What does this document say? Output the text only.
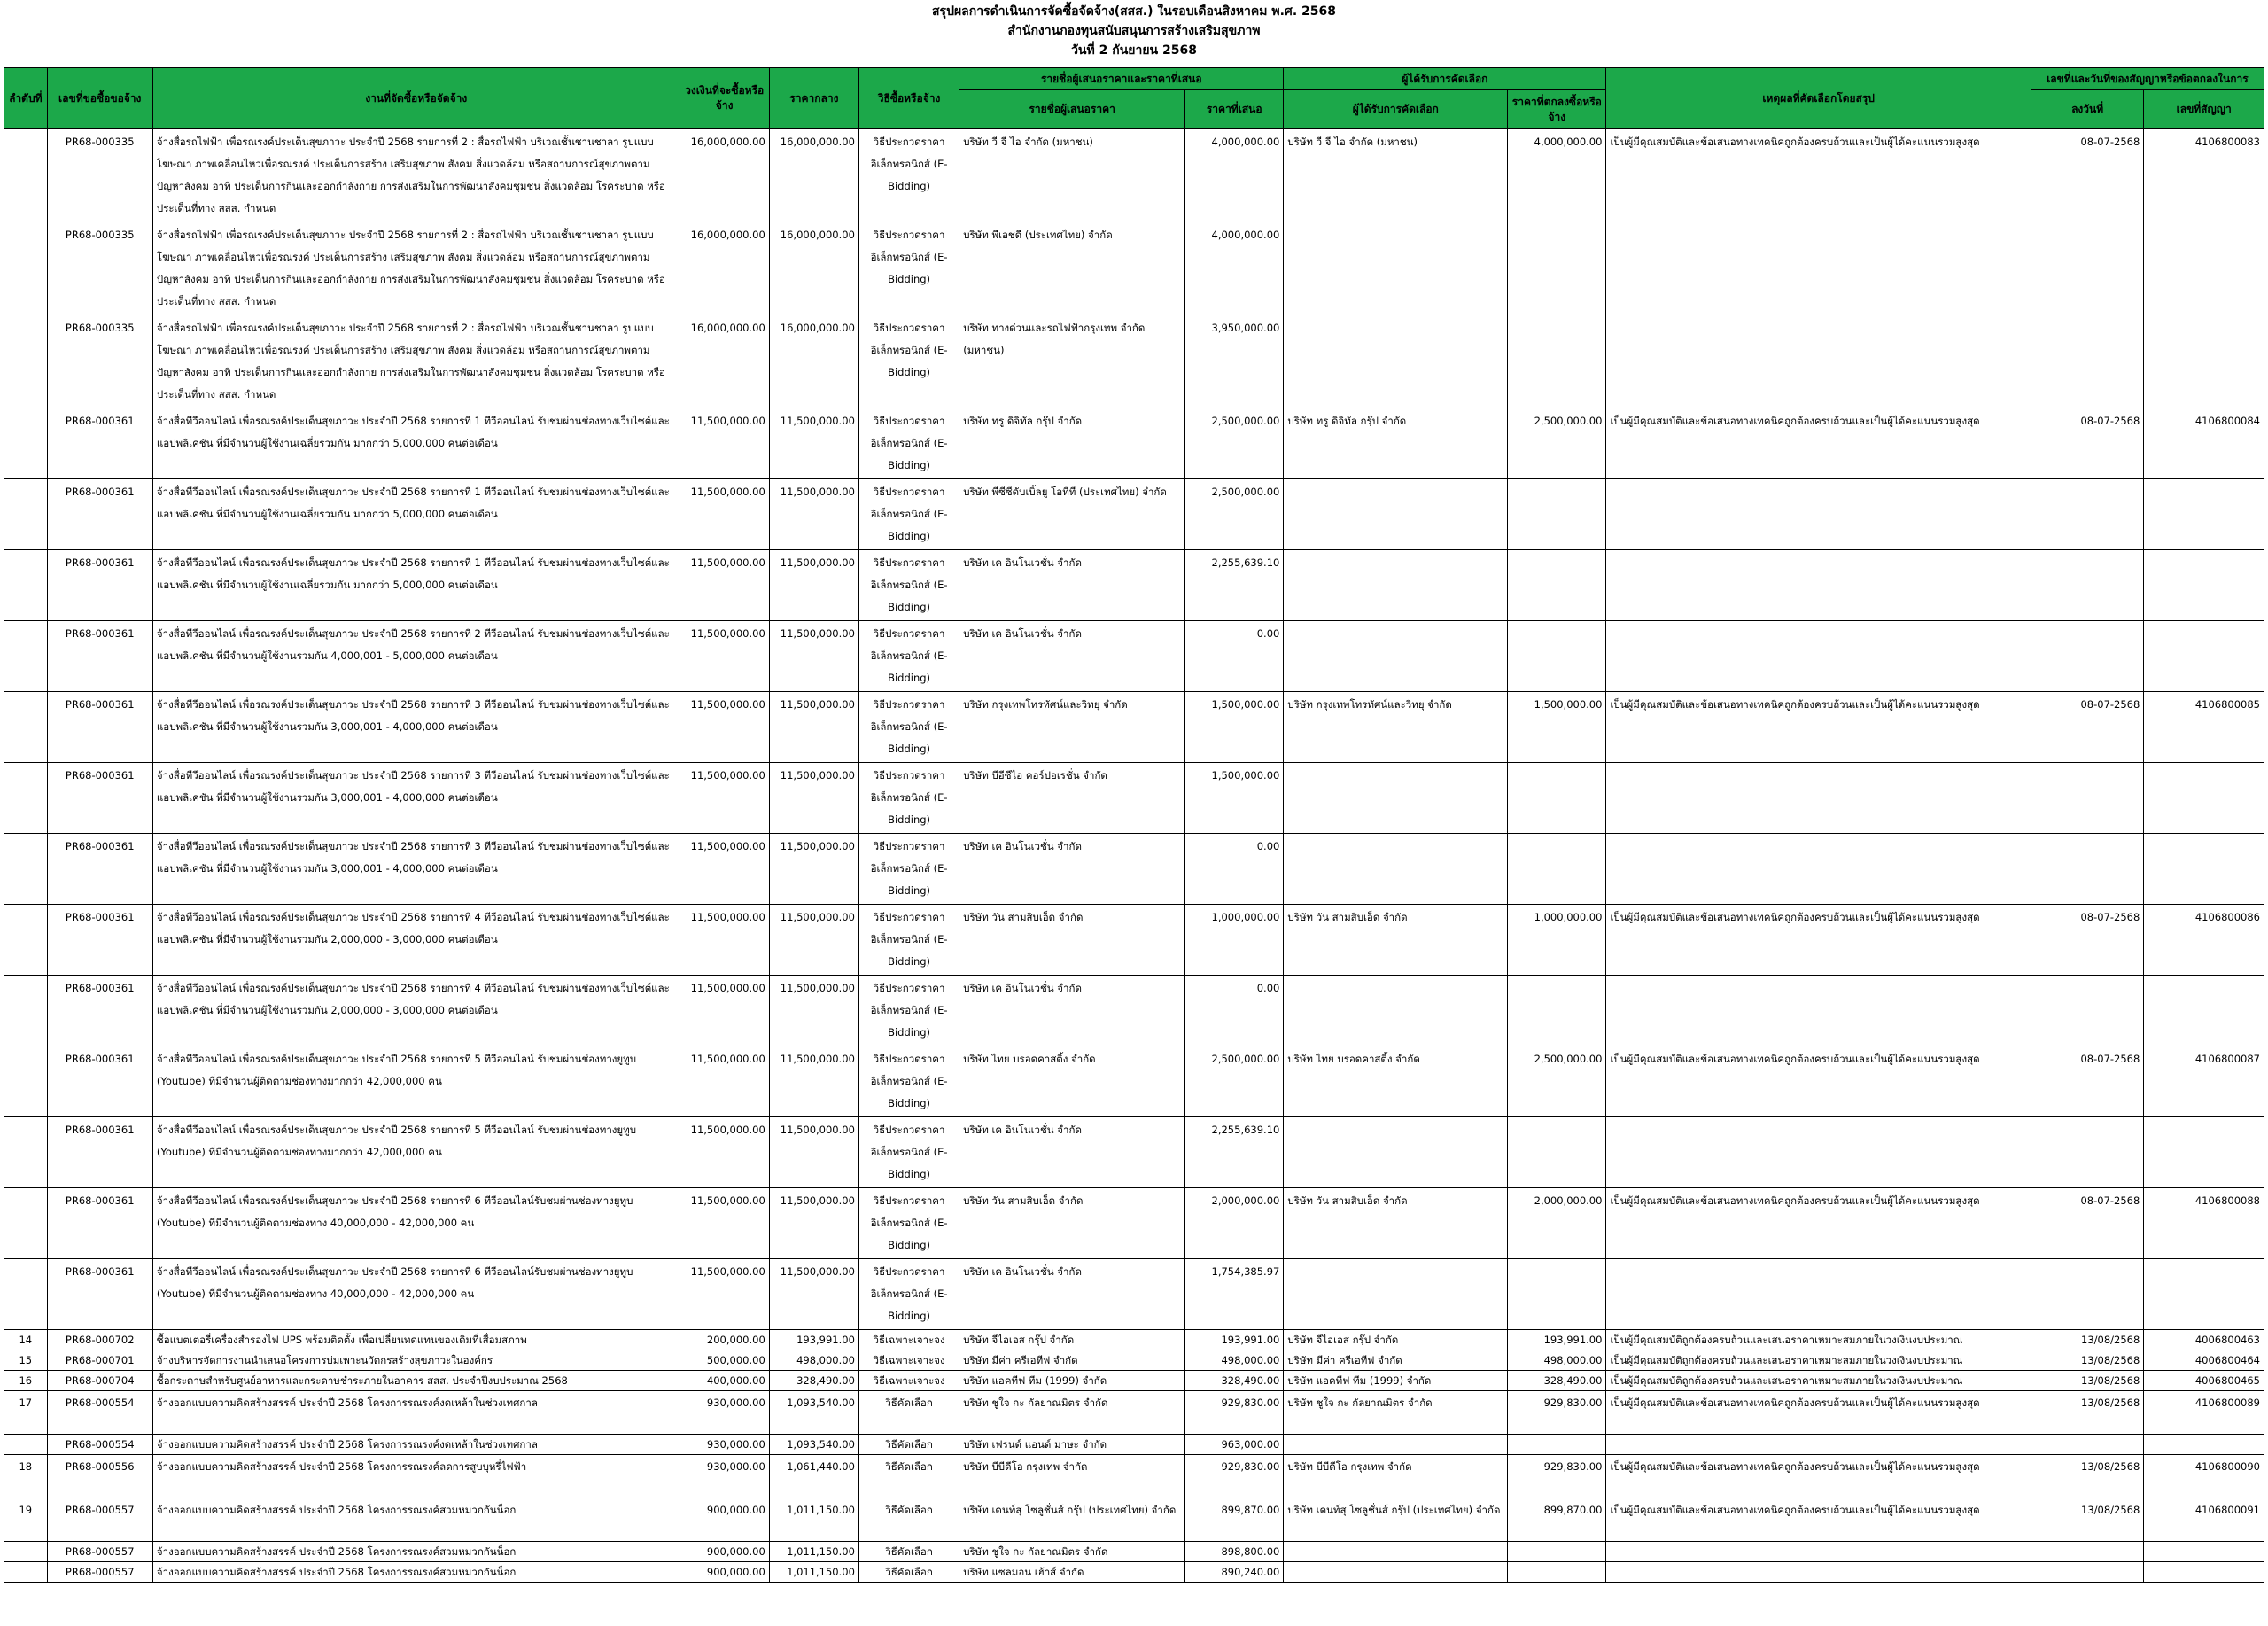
สรุปผลการดำเนินการจัดซื้อจัดจ้าง(สสส.) ในรอบเดือนสิงหาคม พ.ศ. 2568
สำนักงานกองทุนสนับสนุนการสร้างเสริมสุขภาพ
วันที่ 2 กันยายน 2568
ลำดับที่	เลขที่ขอซื้อขอจ้าง	งานที่จัดซื้อหรือจัดจ้าง	วงเงินที่จะซื้อหรือจ้าง	ราคากลาง	วิธีซื้อหรือจ้าง	รายชื่อผู้เสนอราคาและราคาที่เสนอ		ผู้ได้รับการคัดเลือก		เหตุผลที่คัดเลือกโดยสรุป	เลขที่และวันที่ของสัญญาหรือข้อตกลงในการ	
						รายชื่อผู้เสนอราคา	ราคาที่เสนอ	ผู้ได้รับการคัดเลือก	ราคาที่ตกลงซื้อหรือจ้าง		ลงวันที่	เลขที่สัญญา
	PR68-000335	จ้างสื่อรถไฟฟ้า เพื่อรณรงค์ประเด็นสุขภาวะ ประจำปี 2568 รายการที่ 2 : สื่อรถไฟฟ้า บริเวณชั้นชานชาลา รูปแบบโฆษณา ภาพเคลื่อนไหวเพื่อรณรงค์ ประเด็นการสร้าง เสริมสุขภาพ สังคม สิ่งแวดล้อม หรือสถานการณ์สุขภาพตามปัญหาสังคม อาทิ ประเด็นการกินและออกกำลังกาย การส่งเสริมในการพัฒนาสังคมชุมชน สิ่งแวดล้อม โรคระบาด หรือประเด็นที่ทาง สสส. กำหนด	16,000,000.00	16,000,000.00	วิธีประกวดราคาอิเล็กทรอนิกส์ (E-Bidding)	บริษัท วี จี ไอ จำกัด (มหาชน)	4,000,000.00	บริษัท วี จี ไอ จำกัด (มหาชน)	4,000,000.00	เป็นผู้มีคุณสมบัติและข้อเสนอทางเทคนิคถูกต้องครบถ้วนและเป็นผู้ได้คะแนนรวมสูงสุด	08-07-2568	4106800083
	PR68-000335	จ้างสื่อรถไฟฟ้า เพื่อรณรงค์ประเด็นสุขภาวะ ประจำปี 2568 รายการที่ 2 : สื่อรถไฟฟ้า บริเวณชั้นชานชาลา รูปแบบโฆษณา ภาพเคลื่อนไหวเพื่อรณรงค์ ประเด็นการสร้าง เสริมสุขภาพ สังคม สิ่งแวดล้อม หรือสถานการณ์สุขภาพตามปัญหาสังคม อาทิ ประเด็นการกินและออกกำลังกาย การส่งเสริมในการพัฒนาสังคมชุมชน สิ่งแวดล้อม โรคระบาด หรือประเด็นที่ทาง สสส. กำหนด	16,000,000.00	16,000,000.00	วิธีประกวดราคาอิเล็กทรอนิกส์ (E-Bidding)	บริษัท พีเอชดี (ประเทศไทย) จำกัด	4,000,000.00					
	PR68-000335	จ้างสื่อรถไฟฟ้า เพื่อรณรงค์ประเด็นสุขภาวะ ประจำปี 2568 รายการที่ 2 : สื่อรถไฟฟ้า บริเวณชั้นชานชาลา รูปแบบโฆษณา ภาพเคลื่อนไหวเพื่อรณรงค์ ประเด็นการสร้าง เสริมสุขภาพ สังคม สิ่งแวดล้อม หรือสถานการณ์สุขภาพตามปัญหาสังคม อาทิ ประเด็นการกินและออกกำลังกาย การส่งเสริมในการพัฒนาสังคมชุมชน สิ่งแวดล้อม โรคระบาด หรือประเด็นที่ทาง สสส. กำหนด	16,000,000.00	16,000,000.00	วิธีประกวดราคาอิเล็กทรอนิกส์ (E-Bidding)	บริษัท ทางด่วนและรถไฟฟ้ากรุงเทพ จำกัด (มหาชน)	3,950,000.00					
	PR68-000361	จ้างสื่อทีวีออนไลน์ เพื่อรณรงค์ประเด็นสุขภาวะ ประจำปี 2568 รายการที่ 1 ทีวีออนไลน์ รับชมผ่านช่องทางเว็บไซต์และแอปพลิเคชัน ที่มีจำนวนผู้ใช้งานเฉลี่ยรวมกัน มากกว่า 5,000,000 คนต่อเดือน	11,500,000.00	11,500,000.00	วิธีประกวดราคาอิเล็กทรอนิกส์ (E-Bidding)	บริษัท ทรู ดิจิทัล กรุ๊ป จำกัด	2,500,000.00	บริษัท ทรู ดิจิทัล กรุ๊ป จำกัด	2,500,000.00	เป็นผู้มีคุณสมบัติและข้อเสนอทางเทคนิคถูกต้องครบถ้วนและเป็นผู้ได้คะแนนรวมสูงสุด	08-07-2568	4106800084
	PR68-000361	จ้างสื่อทีวีออนไลน์ เพื่อรณรงค์ประเด็นสุขภาวะ ประจำปี 2568 รายการที่ 1 ทีวีออนไลน์ รับชมผ่านช่องทางเว็บไซต์และแอปพลิเคชัน ที่มีจำนวนผู้ใช้งานเฉลี่ยรวมกัน มากกว่า 5,000,000 คนต่อเดือน	11,500,000.00	11,500,000.00	วิธีประกวดราคาอิเล็กทรอนิกส์ (E-Bidding)	บริษัท พีซีซีดับเบิ้ลยู โอทีที (ประเทศไทย) จำกัด	2,500,000.00					
	PR68-000361	จ้างสื่อทีวีออนไลน์ เพื่อรณรงค์ประเด็นสุขภาวะ ประจำปี 2568 รายการที่ 1 ทีวีออนไลน์ รับชมผ่านช่องทางเว็บไซต์และแอปพลิเคชัน ที่มีจำนวนผู้ใช้งานเฉลี่ยรวมกัน มากกว่า 5,000,000 คนต่อเดือน	11,500,000.00	11,500,000.00	วิธีประกวดราคาอิเล็กทรอนิกส์ (E-Bidding)	บริษัท เค อินโนเวชั่น จำกัด	2,255,639.10					
	PR68-000361	จ้างสื่อทีวีออนไลน์ เพื่อรณรงค์ประเด็นสุขภาวะ ประจำปี 2568 รายการที่ 2 ทีวีออนไลน์ รับชมผ่านช่องทางเว็บไซต์และแอปพลิเคชัน ที่มีจำนวนผู้ใช้งานรวมกัน 4,000,001 - 5,000,000 คนต่อเดือน	11,500,000.00	11,500,000.00	วิธีประกวดราคาอิเล็กทรอนิกส์ (E-Bidding)	บริษัท เค อินโนเวชั่น จำกัด	0.00					
	PR68-000361	จ้างสื่อทีวีออนไลน์ เพื่อรณรงค์ประเด็นสุขภาวะ ประจำปี 2568 รายการที่ 3 ทีวีออนไลน์ รับชมผ่านช่องทางเว็บไซต์และแอปพลิเคชัน ที่มีจำนวนผู้ใช้งานรวมกัน 3,000,001 - 4,000,000 คนต่อเดือน	11,500,000.00	11,500,000.00	วิธีประกวดราคาอิเล็กทรอนิกส์ (E-Bidding)	บริษัท กรุงเทพโทรทัศน์และวิทยุ จำกัด	1,500,000.00	บริษัท กรุงเทพโทรทัศน์และวิทยุ จำกัด	1,500,000.00	เป็นผู้มีคุณสมบัติและข้อเสนอทางเทคนิคถูกต้องครบถ้วนและเป็นผู้ได้คะแนนรวมสูงสุด	08-07-2568	4106800085
	PR68-000361	จ้างสื่อทีวีออนไลน์ เพื่อรณรงค์ประเด็นสุขภาวะ ประจำปี 2568 รายการที่ 3 ทีวีออนไลน์ รับชมผ่านช่องทางเว็บไซต์และแอปพลิเคชัน ที่มีจำนวนผู้ใช้งานรวมกัน 3,000,001 - 4,000,000 คนต่อเดือน	11,500,000.00	11,500,000.00	วิธีประกวดราคาอิเล็กทรอนิกส์ (E-Bidding)	บริษัท บีอีซีไอ คอร์ปอเรชั่น จำกัด	1,500,000.00					
	PR68-000361	จ้างสื่อทีวีออนไลน์ เพื่อรณรงค์ประเด็นสุขภาวะ ประจำปี 2568 รายการที่ 3 ทีวีออนไลน์ รับชมผ่านช่องทางเว็บไซต์และแอปพลิเคชัน ที่มีจำนวนผู้ใช้งานรวมกัน 3,000,001 - 4,000,000 คนต่อเดือน	11,500,000.00	11,500,000.00	วิธีประกวดราคาอิเล็กทรอนิกส์ (E-Bidding)	บริษัท เค อินโนเวชั่น จำกัด	0.00					
	PR68-000361	จ้างสื่อทีวีออนไลน์ เพื่อรณรงค์ประเด็นสุขภาวะ ประจำปี 2568 รายการที่ 4 ทีวีออนไลน์ รับชมผ่านช่องทางเว็บไซต์และแอปพลิเคชัน ที่มีจำนวนผู้ใช้งานรวมกัน 2,000,000 - 3,000,000 คนต่อเดือน	11,500,000.00	11,500,000.00	วิธีประกวดราคาอิเล็กทรอนิกส์ (E-Bidding)	บริษัท วัน สามสิบเอ็ด จำกัด	1,000,000.00	บริษัท วัน สามสิบเอ็ด จำกัด	1,000,000.00	เป็นผู้มีคุณสมบัติและข้อเสนอทางเทคนิคถูกต้องครบถ้วนและเป็นผู้ได้คะแนนรวมสูงสุด	08-07-2568	4106800086
	PR68-000361	จ้างสื่อทีวีออนไลน์ เพื่อรณรงค์ประเด็นสุขภาวะ ประจำปี 2568 รายการที่ 4 ทีวีออนไลน์ รับชมผ่านช่องทางเว็บไซต์และแอปพลิเคชัน ที่มีจำนวนผู้ใช้งานรวมกัน 2,000,000 - 3,000,000 คนต่อเดือน	11,500,000.00	11,500,000.00	วิธีประกวดราคาอิเล็กทรอนิกส์ (E-Bidding)	บริษัท เค อินโนเวชั่น จำกัด	0.00					
	PR68-000361	จ้างสื่อทีวีออนไลน์ เพื่อรณรงค์ประเด็นสุขภาวะ ประจำปี 2568 รายการที่ 5 ทีวีออนไลน์ รับชมผ่านช่องทางยูทูบ (Youtube) ที่มีจำนวนผู้ติดตามช่องทางมากกว่า 42,000,000 คน	11,500,000.00	11,500,000.00	วิธีประกวดราคาอิเล็กทรอนิกส์ (E-Bidding)	บริษัท ไทย บรอดคาสติ้ง จำกัด	2,500,000.00	บริษัท ไทย บรอดคาสติ้ง จำกัด	2,500,000.00	เป็นผู้มีคุณสมบัติและข้อเสนอทางเทคนิคถูกต้องครบถ้วนและเป็นผู้ได้คะแนนรวมสูงสุด	08-07-2568	4106800087
	PR68-000361	จ้างสื่อทีวีออนไลน์ เพื่อรณรงค์ประเด็นสุขภาวะ ประจำปี 2568 รายการที่ 5 ทีวีออนไลน์ รับชมผ่านช่องทางยูทูบ (Youtube) ที่มีจำนวนผู้ติดตามช่องทางมากกว่า 42,000,000 คน	11,500,000.00	11,500,000.00	วิธีประกวดราคาอิเล็กทรอนิกส์ (E-Bidding)	บริษัท เค อินโนเวชั่น จำกัด	2,255,639.10					
	PR68-000361	จ้างสื่อทีวีออนไลน์ เพื่อรณรงค์ประเด็นสุขภาวะ ประจำปี 2568 รายการที่ 6 ทีวีออนไลน์รับชมผ่านช่องทางยูทูบ (Youtube) ที่มีจำนวนผู้ติดตามช่องทาง 40,000,000 - 42,000,000 คน	11,500,000.00	11,500,000.00	วิธีประกวดราคาอิเล็กทรอนิกส์ (E-Bidding)	บริษัท วัน สามสิบเอ็ด จำกัด	2,000,000.00	บริษัท วัน สามสิบเอ็ด จำกัด	2,000,000.00	เป็นผู้มีคุณสมบัติและข้อเสนอทางเทคนิคถูกต้องครบถ้วนและเป็นผู้ได้คะแนนรวมสูงสุด	08-07-2568	4106800088
	PR68-000361	จ้างสื่อทีวีออนไลน์ เพื่อรณรงค์ประเด็นสุขภาวะ ประจำปี 2568 รายการที่ 6 ทีวีออนไลน์รับชมผ่านช่องทางยูทูบ (Youtube) ที่มีจำนวนผู้ติดตามช่องทาง 40,000,000 - 42,000,000 คน	11,500,000.00	11,500,000.00	วิธีประกวดราคาอิเล็กทรอนิกส์ (E-Bidding)	บริษัท เค อินโนเวชั่น จำกัด	1,754,385.97					
14	PR68-000702	ซื้อแบตเตอรี่เครื่องสำรองไฟ UPS พร้อมติดตั้ง เพื่อเปลี่ยนทดแทนของเดิมที่เสื่อมสภาพ	200,000.00	193,991.00	วิธีเฉพาะเจาะจง	บริษัท จีไอเอส กรุ๊ป จำกัด	193,991.00	บริษัท จีไอเอส กรุ๊ป จำกัด	193,991.00	เป็นผู้มีคุณสมบัติถูกต้องครบถ้วนและเสนอราคาเหมาะสมภายในวงเงินงบประมาณ	13/08/2568	4006800463
15	PR68-000701	จ้างบริหารจัดการงานนำเสนอโครงการบ่มเพาะนวัตกรสร้างสุขภาวะในองค์กร	500,000.00	498,000.00	วิธีเฉพาะเจาะจง	บริษัท มีค่า ครีเอทีฟ จำกัด	498,000.00	บริษัท มีค่า ครีเอทีฟ จำกัด	498,000.00	เป็นผู้มีคุณสมบัติถูกต้องครบถ้วนและเสนอราคาเหมาะสมภายในวงเงินงบประมาณ	13/08/2568	4006800464
16	PR68-000704	ซื้อกระดาษสำหรับศูนย์อาหารและกระดาษชำระภายในอาคาร สสส. ประจำปีงบประมาณ 2568	400,000.00	328,490.00	วิธีเฉพาะเจาะจง	บริษัท แอคทีฟ ทีม (1999) จำกัด	328,490.00	บริษัท แอคทีฟ ทีม (1999) จำกัด	328,490.00	เป็นผู้มีคุณสมบัติถูกต้องครบถ้วนและเสนอราคาเหมาะสมภายในวงเงินงบประมาณ	13/08/2568	4006800465
17	PR68-000554	จ้างออกแบบความคิดสร้างสรรค์ ประจำปี 2568 โครงการรณรงค์งดเหล้าในช่วงเทศกาล	930,000.00	1,093,540.00	วิธีคัดเลือก	บริษัท ชูใจ กะ กัลยาณมิตร จำกัด	929,830.00	บริษัท ชูใจ กะ กัลยาณมิตร จำกัด	929,830.00	เป็นผู้มีคุณสมบัติและข้อเสนอทางเทคนิคถูกต้องครบถ้วนและเป็นผู้ได้คะแนนรวมสูงสุด	13/08/2568	4106800089
	PR68-000554	จ้างออกแบบความคิดสร้างสรรค์ ประจำปี 2568 โครงการรณรงค์งดเหล้าในช่วงเทศกาล	930,000.00	1,093,540.00	วิธีคัดเลือก	บริษัท เฟรนด์ แอนด์ มาษะ จำกัด	963,000.00					
18	PR68-000556	จ้างออกแบบความคิดสร้างสรรค์ ประจำปี 2568 โครงการรณรงค์ลดการสูบบุหรี่ไฟฟ้า	930,000.00	1,061,440.00	วิธีคัดเลือก	บริษัท บีบีดีโอ กรุงเทพ จำกัด	929,830.00	บริษัท บีบีดีโอ กรุงเทพ จำกัด	929,830.00	เป็นผู้มีคุณสมบัติและข้อเสนอทางเทคนิคถูกต้องครบถ้วนและเป็นผู้ได้คะแนนรวมสูงสุด	13/08/2568	4106800090
19	PR68-000557	จ้างออกแบบความคิดสร้างสรรค์ ประจำปี 2568 โครงการรณรงค์สวมหมวกกันน็อก	900,000.00	1,011,150.00	วิธีคัดเลือก	บริษัท เดนท์สุ โซลูชั่นส์ กรุ๊ป (ประเทศไทย) จำกัด	899,870.00	บริษัท เดนท์สุ โซลูชั่นส์ กรุ๊ป (ประเทศไทย) จำกัด	899,870.00	เป็นผู้มีคุณสมบัติและข้อเสนอทางเทคนิคถูกต้องครบถ้วนและเป็นผู้ได้คะแนนรวมสูงสุด	13/08/2568	4106800091
	PR68-000557	จ้างออกแบบความคิดสร้างสรรค์ ประจำปี 2568 โครงการรณรงค์สวมหมวกกันน็อก	900,000.00	1,011,150.00	วิธีคัดเลือก	บริษัท ชูใจ กะ กัลยาณมิตร จำกัด	898,800.00					
	PR68-000557	จ้างออกแบบความคิดสร้างสรรค์ ประจำปี 2568 โครงการรณรงค์สวมหมวกกันน็อก	900,000.00	1,011,150.00	วิธีคัดเลือก	บริษัท แซลมอน เฮ้าส์ จำกัด	890,240.00					
